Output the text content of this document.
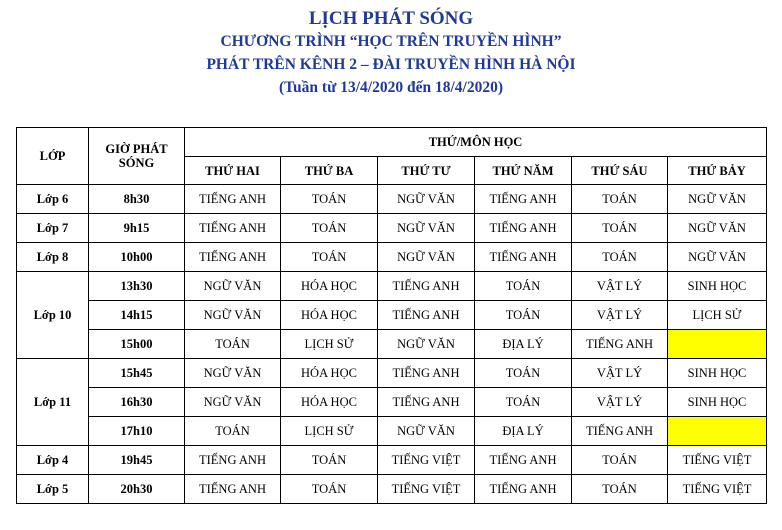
LỊCH PHÁT SÓNG
CHƯƠNG TRÌNH “HỌC TRÊN TRUYỀN HÌNH”
PHÁT TRÊN KÊNH 2 – ĐÀI TRUYỀN HÌNH HÀ NỘI
(Tuần từ 13/4/2020 đến 18/4/2020)
LỚP	GIỜ PHÁT SÓNG	THỨ/MÔN HỌC					
		THỨ HAI	THỨ BA	THỨ TƯ	THỨ NĂM	THỨ SÁU	THỨ BẢY
Lớp 6	8h30	TIẾNG ANH	TOÁN	NGỮ VĂN	TIẾNG ANH	TOÁN	NGỮ VĂN
Lớp 7	9h15	TIẾNG ANH	TOÁN	NGỮ VĂN	TIẾNG ANH	TOÁN	NGỮ VĂN
Lớp 8	10h00	TIẾNG ANH	TOÁN	NGỮ VĂN	TIẾNG ANH	TOÁN	NGỮ VĂN
Lớp 10	13h30	NGỮ VĂN	HÓA HỌC	TIẾNG ANH	TOÁN	VẬT LÝ	SINH HỌC
	14h15	NGỮ VĂN	HÓA HỌC	TIẾNG ANH	TOÁN	VẬT LÝ	LỊCH SỬ
	15h00	TOÁN	LỊCH SỬ	NGỮ VĂN	ĐỊA LÝ	TIẾNG ANH	
Lớp 11	15h45	NGỮ VĂN	HÓA HỌC	TIẾNG ANH	TOÁN	VẬT LÝ	SINH HỌC
	16h30	NGỮ VĂN	HÓA HỌC	TIẾNG ANH	TOÁN	VẬT LÝ	SINH HỌC
	17h10	TOÁN	LỊCH SỬ	NGỮ VĂN	ĐỊA LÝ	TIẾNG ANH	
Lớp 4	19h45	TIẾNG ANH	TOÁN	TIẾNG VIỆT	TIẾNG ANH	TOÁN	TIẾNG VIỆT
Lớp 5	20h30	TIẾNG ANH	TOÁN	TIẾNG VIỆT	TIẾNG ANH	TOÁN	TIẾNG VIỆT
